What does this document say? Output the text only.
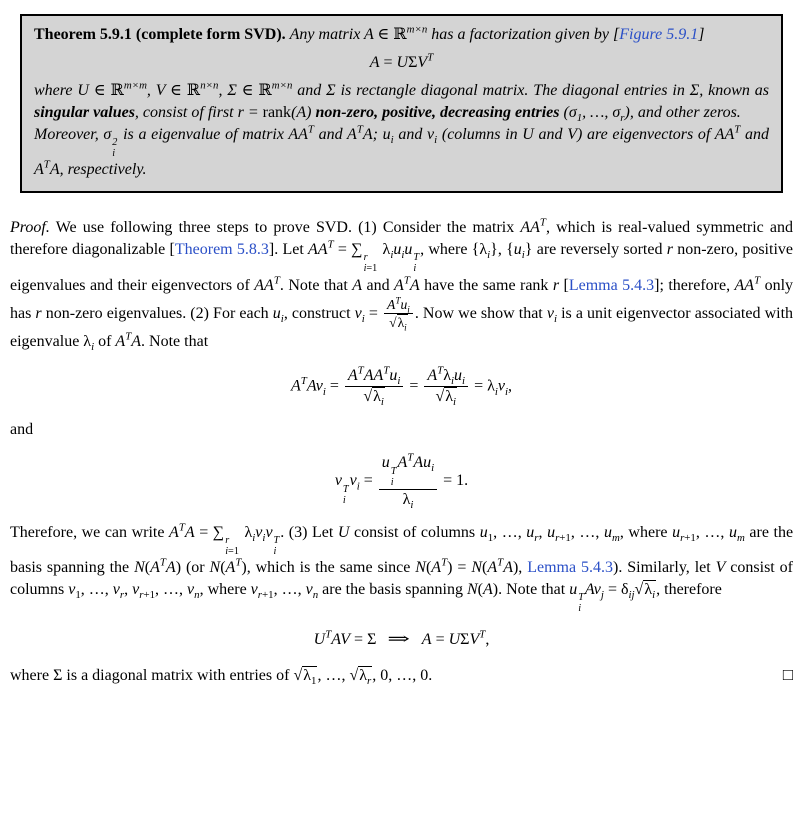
Theorem 5.9.1 (complete form SVD). Any matrix A ∈ ℝ$^{m\times n}$ has a factorization given by [Figure 5.9.1]

$A = U\Sigma V^T$

where U ∈ ℝ$^{m\times m}$, V ∈ ℝ$^{n\times n}$, Σ ∈ ℝ$^{m\times n}$ and Σ is rectangle diagonal matrix. The diagonal entries in Σ, known as singular values, consist of first r = rank(A) non-zero, positive, decreasing entries ($\sigma_1$, …, $\sigma_r$), and other zeros.

Moreover, σ 2
i
is a eigenvalue of matrix $AA^T$ and $A^TA$; $u_i$ and $v_i$ (columns in U and V) are eigenvectors of $AA^T$ and $A^TA$, respectively.

Proof. We use following three steps to prove SVD. (1) Consider the matrix $AA^T$, which is real-valued symmetric and therefore diagonalizable [Theorem 5.8.3]. Let $AA^T$ = ∑ r
i=1
$\lambda_iu_iu$ T
i
, where $\{\lambda_i\}$, $\{u_i\}$ are reversely sorted r non-zero, positive eigenvalues and their eigenvectors of $AA^T$. Note that A and $A^TA$ have the same rank r [Lemma 5.4.3]; therefore, $AA^T$ only has r non-zero eigenvalues. (2) For each $u_i$, construct $v_i = \frac{A^Tu_i}{√\lambda_i}$ . Now we show that $v_i$ is a unit eigenvector associated with eigenvalue $\lambda_i$ of $A^TA$. Note that

$A^TAv_i = \frac{A^TAA^Tu_i}{√\lambda_i} = \frac{A^T\lambda_iu_i}{√\lambda_i} = \lambda_iv_i$,

and

v T
i
$v_i = u$ T
i
$A^TAu_i$
$\lambda_i = 1$.

Therefore, we can write $A^TA$ = ∑ r
i=1
$\lambda_iv_iv$ T
i
. (3) Let U consist of columns $u_1$, …, $u_r$, $u_{r+1}$, …, $u_m$, where $u_{r+1}$, …, $u_m$ are the basis spanning the $N(A^TA)$ (or $N(A^T)$, which is the same since $N(A^T) = N(A^TA)$, Lemma 5.4.3). Similarly, let V consist of columns $v_1$, …, $v_r$, $v_{r+1}$, …, $v_n$, where $v_{r+1}$, …, $v_n$ are the basis spanning N(A). Note that u T
i
$Av_j = \delta_{ij}√\lambda_i$, therefore

$U^TAV = \Sigma$ ⇒ $A = U\Sigma V^T$,

where Σ is a diagonal matrix with entries of $√\lambda_1$, …, $√\lambda_r$, 0, …, 0.	□
